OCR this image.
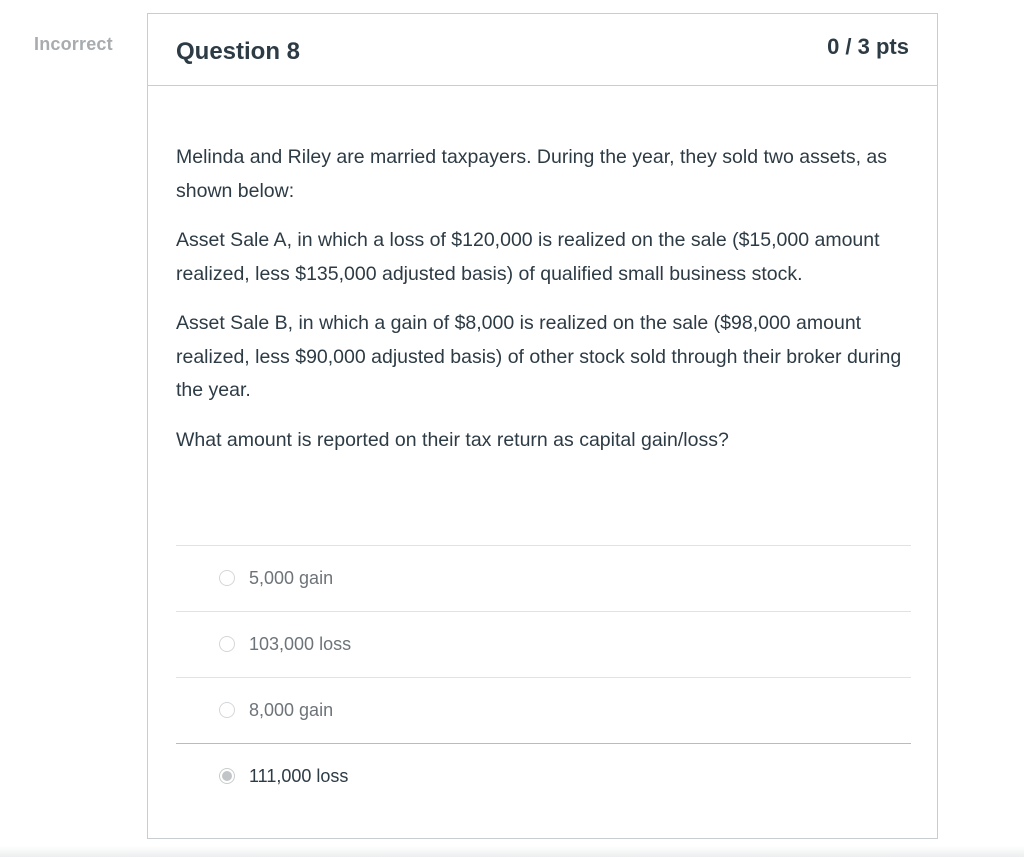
Incorrect	Question 8	0 / 3 pts

Melinda and Riley are married taxpayers. During the year, they sold two assets, as shown below:

Asset Sale A, in which a loss of $120,000 is realized on the sale ($15,000 amount realized, less $135,000 adjusted basis) of qualified small business stock.

Asset Sale B, in which a gain of $8,000 is realized on the sale ($98,000 amount realized, less $90,000 adjusted basis) of other stock sold through their broker during the year.

What amount is reported on their tax return as capital gain/loss?

5,000 gain
103,000 loss
8,000 gain
111,000 loss
